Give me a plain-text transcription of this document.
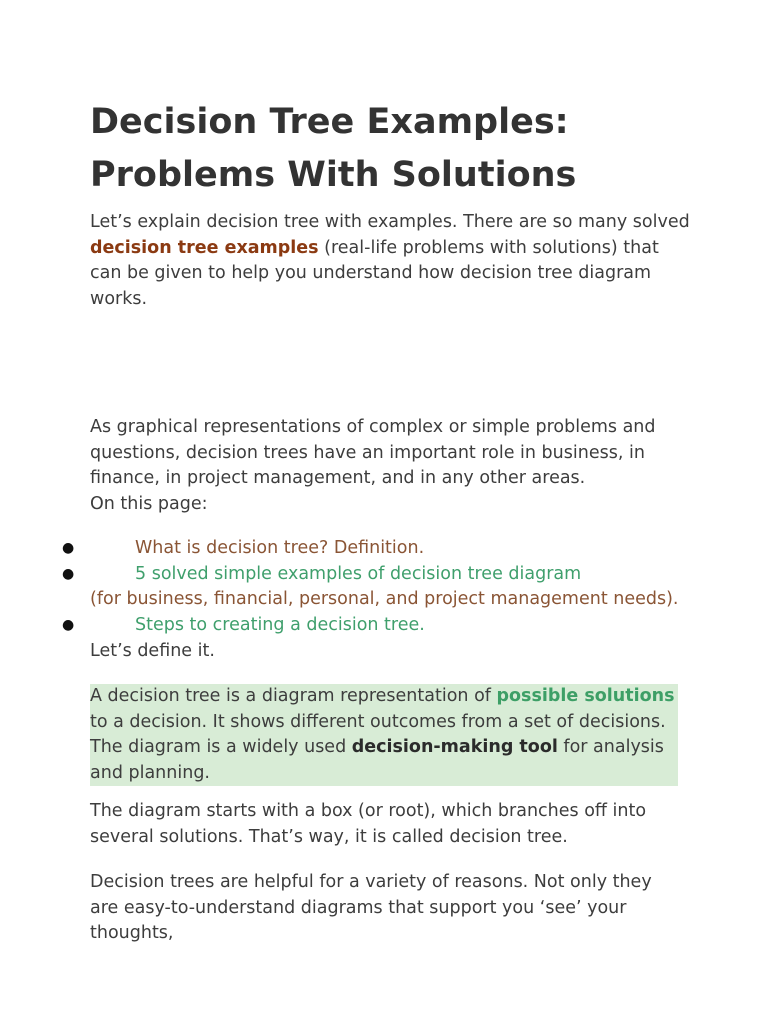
Decision Tree Examples: Problems With Solutions

Let’s explain decision tree with examples. There are so many solved decision tree examples (real-life problems with solutions) that can be given to help you understand how decision tree diagram works.

As graphical representations of complex or simple problems and questions, decision trees have an important role in business, in finance, in project management, and in any other areas.

On this page:

●	What is decision tree? Definition.
●	5 solved simple examples of decision tree diagram
(for business, financial, personal, and project management needs).
●	Steps to creating a decision tree.

Let’s define it.

A decision tree is a diagram representation of possible solutions to a decision. It shows different outcomes from a set of decisions. The diagram is a widely used decision-making tool for analysis and planning.

The diagram starts with a box (or root), which branches off into several solutions. That’s way, it is called decision tree.

Decision trees are helpful for a variety of reasons. Not only they are easy-to-understand diagrams that support you ‘see’ your thoughts,
